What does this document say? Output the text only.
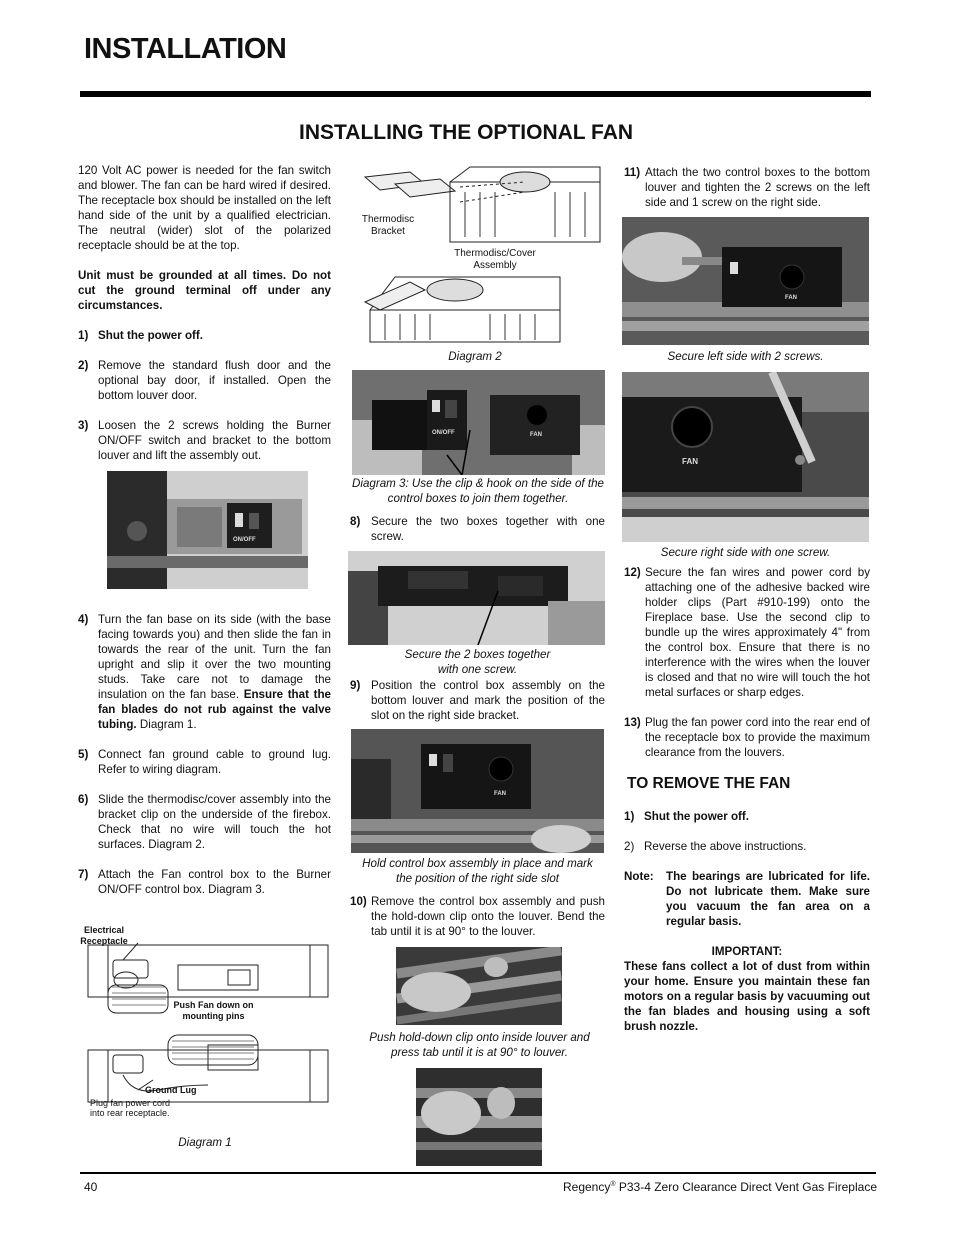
INSTALLATION
INSTALLING THE OPTIONAL FAN

120 Volt AC power is needed for the fan switch and blower. The fan can be hard wired if desired. The receptacle box should be installed on the left hand side of the unit by a qualified electrician. The neutral (wider) slot of the polarized receptacle should be at the top.

Unit must be grounded at all times. Do not cut the ground terminal off under any circumstances.

1) Shut the power off.
2) Remove the standard flush door and the optional bay door, if installed. Open the bottom louver door.
3) Loosen the 2 screws holding the Burner ON/OFF switch and bracket to the bottom louver and lift the assembly out.
ON/OFF
4) Turn the fan base on its side (with the base facing towards you) and then slide the fan in towards the rear of the unit. Turn the fan upright and slip it over the two mounting studs. Take care not to damage the insulation on the fan base. Ensure that the fan blades do not rub against the valve tubing. Diagram 1.
5) Connect fan ground cable to ground lug. Refer to wiring diagram.
6) Slide the thermodisc/cover assembly into the bracket clip on the underside of the firebox. Check that no wire will touch the hot surfaces. Diagram 2.
7) Attach the Fan control box to the Burner ON/OFF control box. Diagram 3.
Electrical Receptacle
Push Fan down on mounting pins
Ground Lug
Plug fan power cord
into rear receptacle.
Diagram 1
Thermodisc Bracket
Thermodisc/Cover Assembly
Diagram 2
ON/OFF	FAN
Diagram 3: Use the clip & hook on the side of the control boxes to join them together.
8) Secure the two boxes together with one screw.
Secure the 2 boxes together with one screw.
9) Position the control box assembly on the bottom louver and mark the position of the slot on the right side bracket.
FAN
Hold control box assembly in place and mark the position of the right side slot
10) Remove the control box assembly and push the hold-down clip onto the louver. Bend the tab until it is at 90° to the louver.
Push hold-down clip onto inside louver and press tab until it is at 90° to louver.
11) Attach the two control boxes to the bottom louver and tighten the 2 screws on the left side and 1 screw on the right side.
FAN
Secure left side with 2 screws.
FAN
Secure right side with one screw.
12) Secure the fan wires and power cord by attaching one of the adhesive backed wire holder clips (Part #910-199) onto the Fireplace base. Use the second clip to bundle up the wires approximately 4" from the control box. Ensure that there is no interference with the wires when the louver is closed and that no wire will touch the hot metal surfaces or sharp edges.
13) Plug the fan power cord into the rear end of the receptacle box to provide the maximum clearance from the louvers.
TO REMOVE THE FAN
1) Shut the power off.
2) Reverse the above instructions.
Note:	The bearings are lubricated for life. Do not lubricate them. Make sure you vacuum the fan area on a regular basis.
IMPORTANT:

These fans collect a lot of dust from within your home. Ensure you maintain these fan motors on a regular basis by vacuuming out the fan blades and housing using a soft brush nozzle.

40	Regency® P33-4 Zero Clearance Direct Vent Gas Fireplace
